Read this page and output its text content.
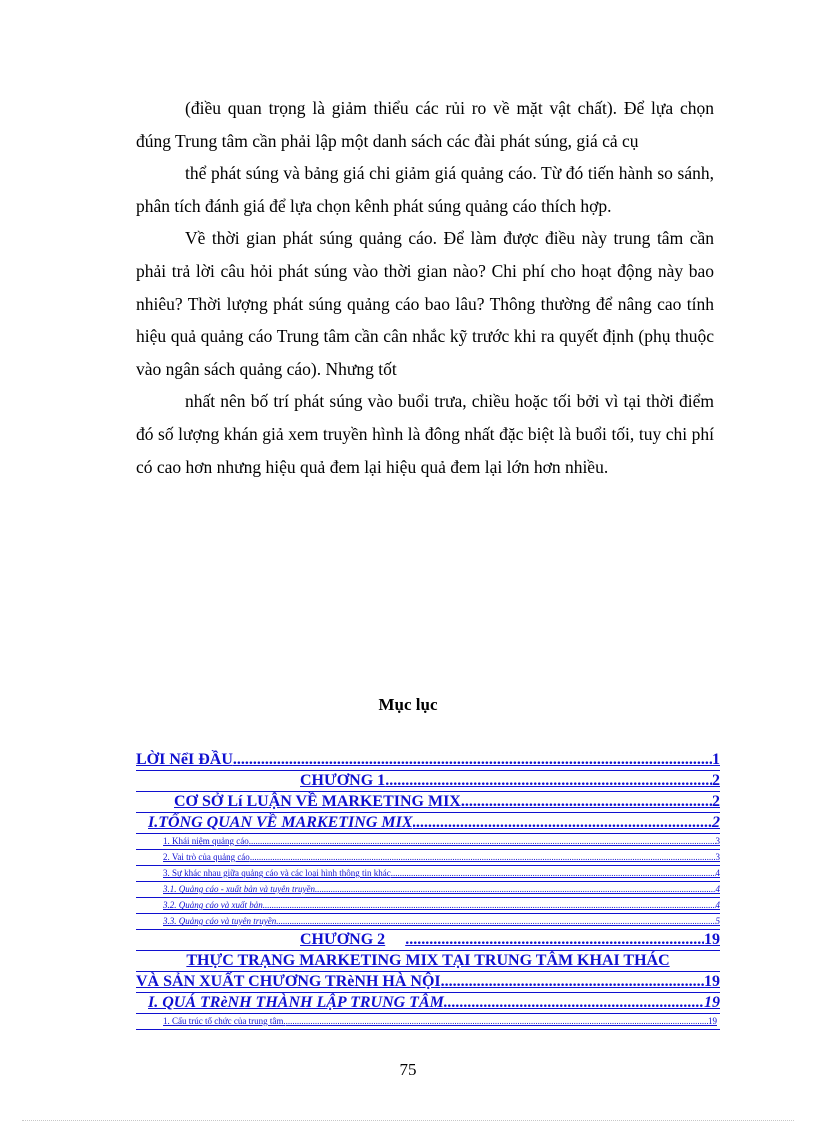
(điều quan trọng là giảm thiểu các rủi ro về mặt vật chất). Để lựa chọn đúng Trung tâm cần phải lập một danh sách các đài phát súng, giá cả cụ

thể phát súng và bảng giá chi giảm giá quảng cáo. Từ đó tiến hành so sánh, phân tích đánh giá để lựa chọn kênh phát súng quảng cáo thích hợp.

Về thời gian phát súng quảng cáo. Để làm được điều này trung tâm cần phải trả lời câu hỏi phát súng vào thời gian nào? Chi phí cho hoạt động này bao nhiêu? Thời lượng phát súng quảng cáo bao lâu? Thông thường để nâng cao tính hiệu quả quảng cáo Trung tâm cần cân nhắc kỹ trước khi ra quyết định (phụ thuộc vào ngân sách quảng cáo). Nhưng tốt

nhất nên bố trí phát súng vào buổi trưa, chiều hoặc tối bởi vì tại thời điểm đó số lượng khán giả xem truyền hình là đông nhất đặc biệt là buổi tối, tuy chi phí có cao hơn nhưng hiệu quả đem lại hiệu quả đem lại lớn hơn nhiều.

Mục lục
LỜI NểI ĐẦU .....	1
CHƯƠNG 1 .....	2
CƠ SỞ Lí LUẬN VỀ MARKETING MIX .....	2
I.TỔNG QUAN VỀ MARKETING MIX .....	2
1. Khái niệm quảng cáo .....	3
2. Vai trò của quảng cáo .....	3
3. Sự khác nhau giữa quảng cáo và các loại hình thông tin khác .....	4
3.1. Quảng cáo - xuất bản và tuyên truyền .....	4
3.2. Quảng cáo và xuất bản .....	4
3.3. Quảng cáo và tuyên truyền .....	5
CHƯƠNG 2 .....	19
THỰC TRẠNG MARKETING MIX TẠI TRUNG TÂM KHAI THÁC
VÀ SẢN XUẤT CHƯƠNG TRèNH HÀ NỘI .....	19
I. QUÁ TRèNH THÀNH LẬP TRUNG TÂM .....	19
1. Cấu trúc tổ chức của trung tâm. .....	19
75
